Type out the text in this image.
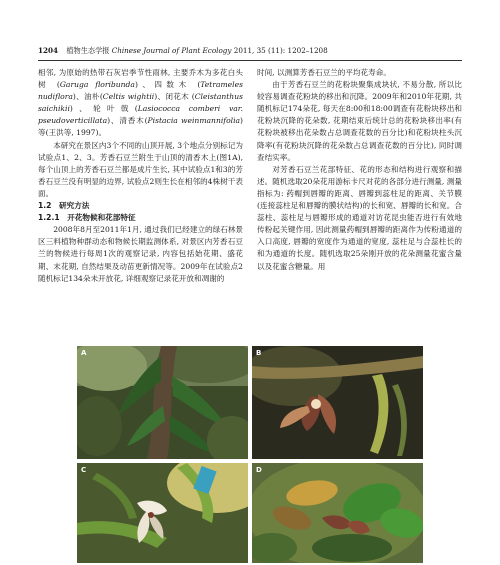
1204 植物生态学报 Chinese Journal of Plant Ecology 2011, 35 (11): 1202–1208

相邻, 为原始的热带石灰岩季节性雨林, 主要乔木为多花白头树 (Garuga floribunda)、四数木 (Tetrameles nudiflora)、油朴(Celtis wightii)、闭花木 (Cleistanthus saichikii)、轮叶戟(Lasiococca comberi var. pseudoverticillata)、清香木(Pistacia weinmannifolia)等(王洪等, 1997)。

本研究在景区内3个不同的山顶开展, 3个地点分别标记为试验点1、2、3。芳香石豆兰附生于山顶的清香木上(图1A), 每个山顶上的芳香石豆兰都是成片生长, 其中试验点1和3的芳香石豆兰没有明显的边界, 试验点2则生长在相邻的4株树干表面。

1.2　研究方法

1.2.1　开花物候和花部特征

2008年8月至2011年1月, 通过我们已经建立的绿石林景区三料植物种群动态和物候长期监测体系, 对景区内芳香石豆兰的物候进行每周1次的观察记录, 内容包括始花期、盛花期、末花期, 自然结果及动苗更新情况等。2009年在试验点2随机标记134朵未开放花, 详细观察记录花开放和凋谢的

时间, 以测算芳香石豆兰的平均花寿命。

由于芳香石豆兰的花粉块聚集成块状, 不易分散, 所以比较容易调查花粉块的移出和沉降。2009年和2010年花期, 共随机标记174朵花, 每天在8:00和18:00调查有花粉块移出和花粉块沉降的花朵数, 花期结束后统计总的花粉块移出率(有花粉块被移出花朵数占总调查花数的百分比)和花粉块柱头沉降率(有花粉块沉降的花朵数占总调查花数的百分比), 同时调查结实率。

对芳香石豆兰花部特征、花的形态和结构进行观察和描述。随机选取20朵花用游标卡尺对花的各部分进行测量, 测量指标为: 药帽到唇瓣的距离、唇瓣到蕊柱足的距离、关节膜(连接蕊柱足和唇瓣的膜状结构)的长和宽、唇瓣的长和宽。合蕊柱、蕊柱足与唇瓣形成的通道对访花昆虫能否进行有效地传粉起关键作用, 因此测量药帽到唇瓣的距离作为传粉通道的入口高度, 唇瓣的宽度作为通道的宽度, 蕊柱足与合蕊柱长的和为通道的长度。随机选取25朵刚开放的花朵测量花蜜含量以及花蜜含糖量。用

A	B
C	D
